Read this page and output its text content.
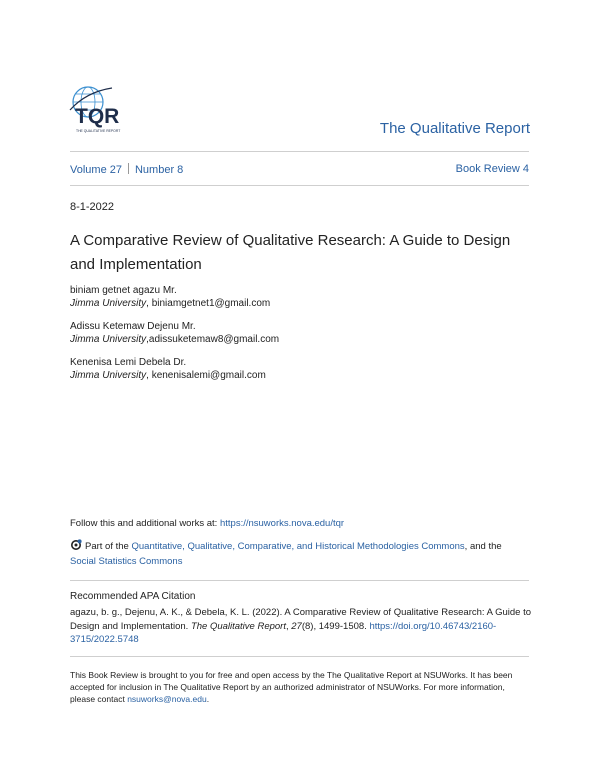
TQR
THE QUALITATIVE REPORT	The Qualitative Report
Volume 27 Number 8	Book Review 4
8-1-2022
A Comparative Review of Qualitative Research: A Guide to Design and Implementation
biniam getnet agazu Mr.
Jimma University, biniamgetnet1@gmail.com
Adissu Ketemaw Dejenu Mr.
Jimma University,adissuketemaw8@gmail.com
Kenenisa Lemi Debela Dr.
Jimma University, kenenisalemi@gmail.com
Follow this and additional works at: https://nsuworks.nova.edu/tqr
Part of the Quantitative, Qualitative, Comparative, and Historical Methodologies Commons, and the
Social Statistics Commons
Recommended APA Citation
agazu, b. g., Dejenu, A. K., & Debela, K. L. (2022). A Comparative Review of Qualitative Research: A Guide to Design and Implementation. The Qualitative Report, 27(8), 1499-1508. https://doi.org/10.46743/2160-3715/2022.5748
This Book Review is brought to you for free and open access by the The Qualitative Report at NSUWorks. It has been accepted for inclusion in The Qualitative Report by an authorized administrator of NSUWorks. For more information, please contact nsuworks@nova.edu.
